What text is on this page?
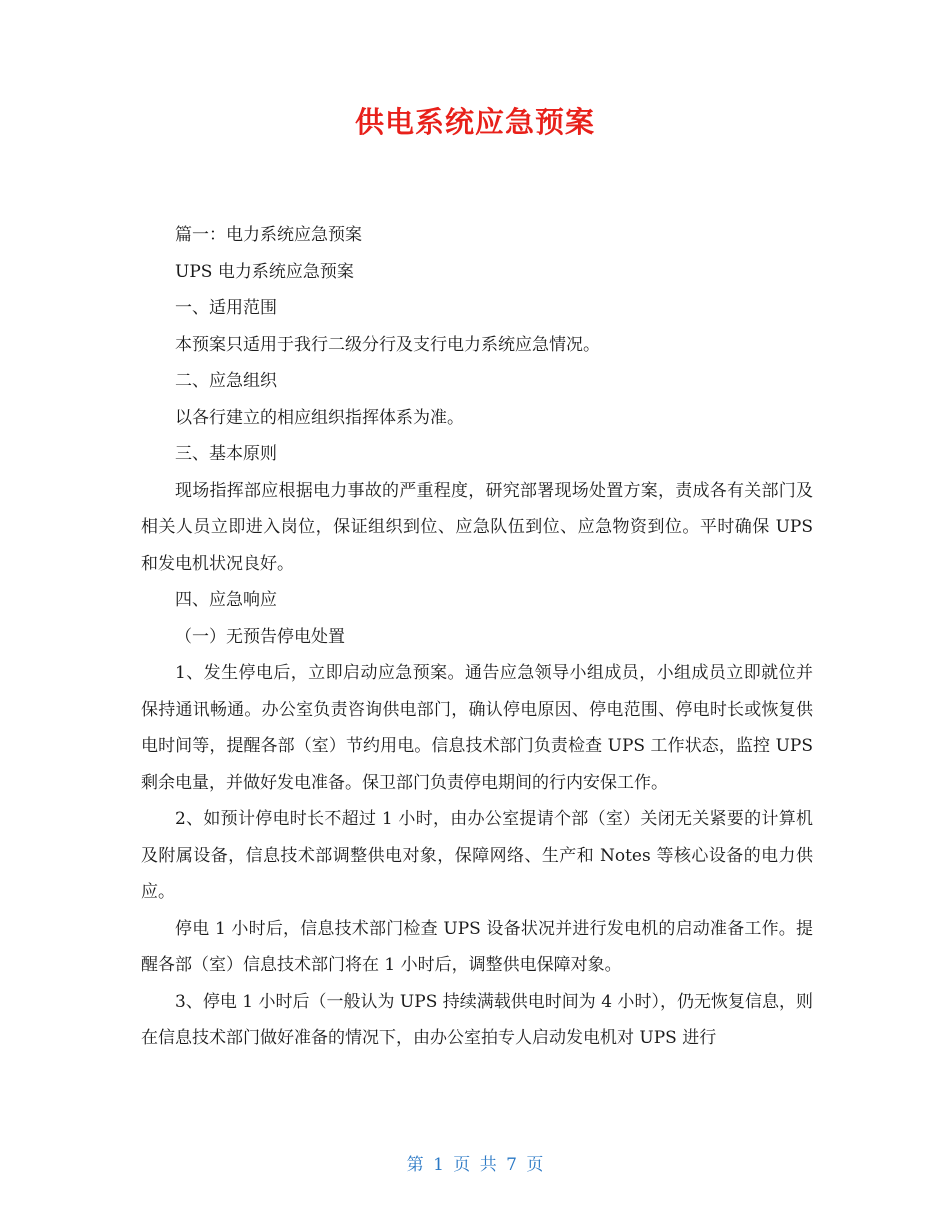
供电系统应急预案

篇一：电力系统应急预案

UPS 电力系统应急预案

一、适用范围

本预案只适用于我行二级分行及支行电力系统应急情况。

二、应急组织

以各行建立的相应组织指挥体系为准。

三、基本原则

现场指挥部应根据电力事故的严重程度，研究部署现场处置方案，责成各有关部门及相关人员立即进入岗位，保证组织到位、应急队伍到位、应急物资到位。平时确保 UPS 和发电机状况良好。

四、应急响应

（一）无预告停电处置

1、发生停电后，立即启动应急预案。通告应急领导小组成员，小组成员立即就位并保持通讯畅通。办公室负责咨询供电部门，确认停电原因、停电范围、停电时长或恢复供电时间等，提醒各部（室）节约用电。信息技术部门负责检查 UPS 工作状态，监控 UPS 剩余电量，并做好发电准备。保卫部门负责停电期间的行内安保工作。

2、如预计停电时长不超过 1 小时，由办公室提请个部（室）关闭无关紧要的计算机及附属设备，信息技术部调整供电对象，保障网络、生产和 Notes 等核心设备的电力供应。

停电 1 小时后，信息技术部门检查 UPS 设备状况并进行发电机的启动准备工作。提醒各部（室）信息技术部门将在 1 小时后，调整供电保障对象。

3、停电 1 小时后（一般认为 UPS 持续满载供电时间为 4 小时），仍无恢复信息，则在信息技术部门做好准备的情况下，由办公室拍专人启动发电机对 UPS 进行

第 1 页 共 7 页
